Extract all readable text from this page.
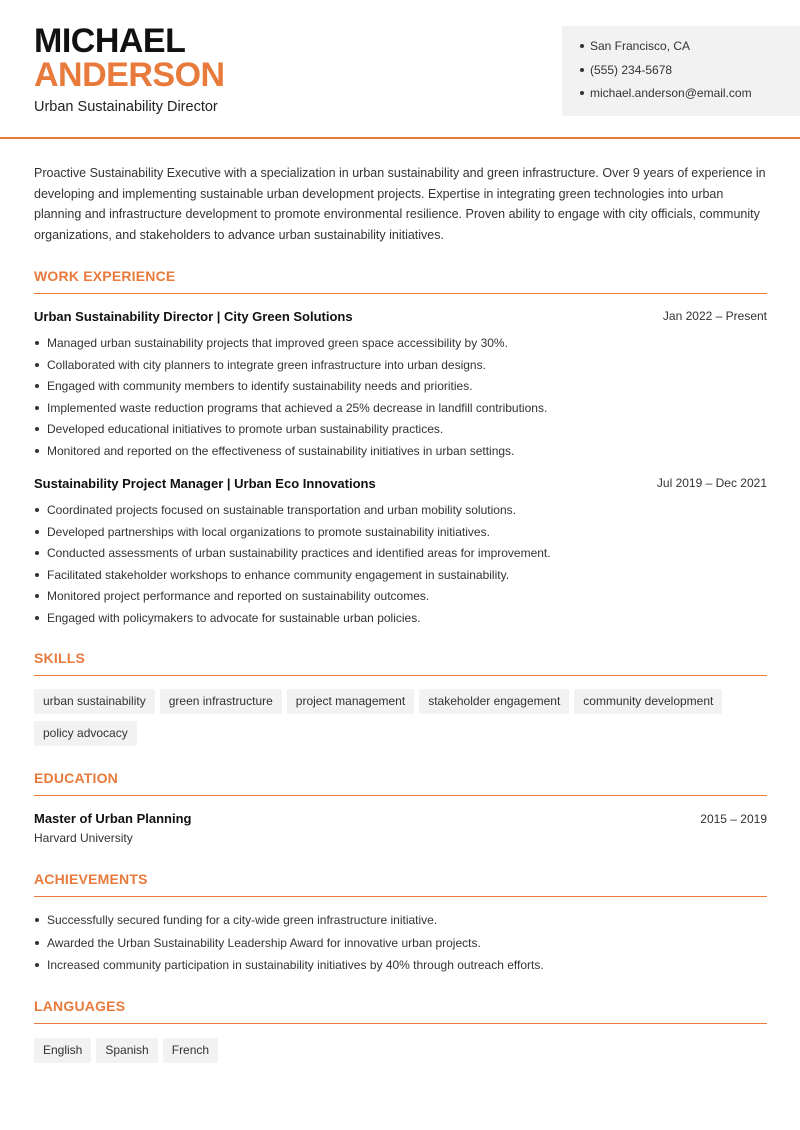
MICHAEL
ANDERSON
Urban Sustainability Director
San Francisco, CA
(555) 234-5678
michael.anderson@email.com
Proactive Sustainability Executive with a specialization in urban sustainability and green infrastructure. Over 9 years of experience in developing and implementing sustainable urban development projects. Expertise in integrating green technologies into urban planning and infrastructure development to promote environmental resilience. Proven ability to engage with city officials, community organizations, and stakeholders to advance urban sustainability initiatives.
WORK EXPERIENCE
Urban Sustainability Director | City Green Solutions	Jan 2022 – Present
Managed urban sustainability projects that improved green space accessibility by 30%.
Collaborated with city planners to integrate green infrastructure into urban designs.
Engaged with community members to identify sustainability needs and priorities.
Implemented waste reduction programs that achieved a 25% decrease in landfill contributions.
Developed educational initiatives to promote urban sustainability practices.
Monitored and reported on the effectiveness of sustainability initiatives in urban settings.
Sustainability Project Manager | Urban Eco Innovations	Jul 2019 – Dec 2021
Coordinated projects focused on sustainable transportation and urban mobility solutions.
Developed partnerships with local organizations to promote sustainability initiatives.
Conducted assessments of urban sustainability practices and identified areas for improvement.
Facilitated stakeholder workshops to enhance community engagement in sustainability.
Monitored project performance and reported on sustainability outcomes.
Engaged with policymakers to advocate for sustainable urban policies.
SKILLS
urban sustainability green infrastructure project management stakeholder engagement community developmentpolicy advocacy
EDUCATION
Master of Urban Planning
Harvard University
2015 – 2019
ACHIEVEMENTS
Successfully secured funding for a city-wide green infrastructure initiative.
Awarded the Urban Sustainability Leadership Award for innovative urban projects.
Increased community participation in sustainability initiatives by 40% through outreach efforts.
LANGUAGES
English Spanish French
